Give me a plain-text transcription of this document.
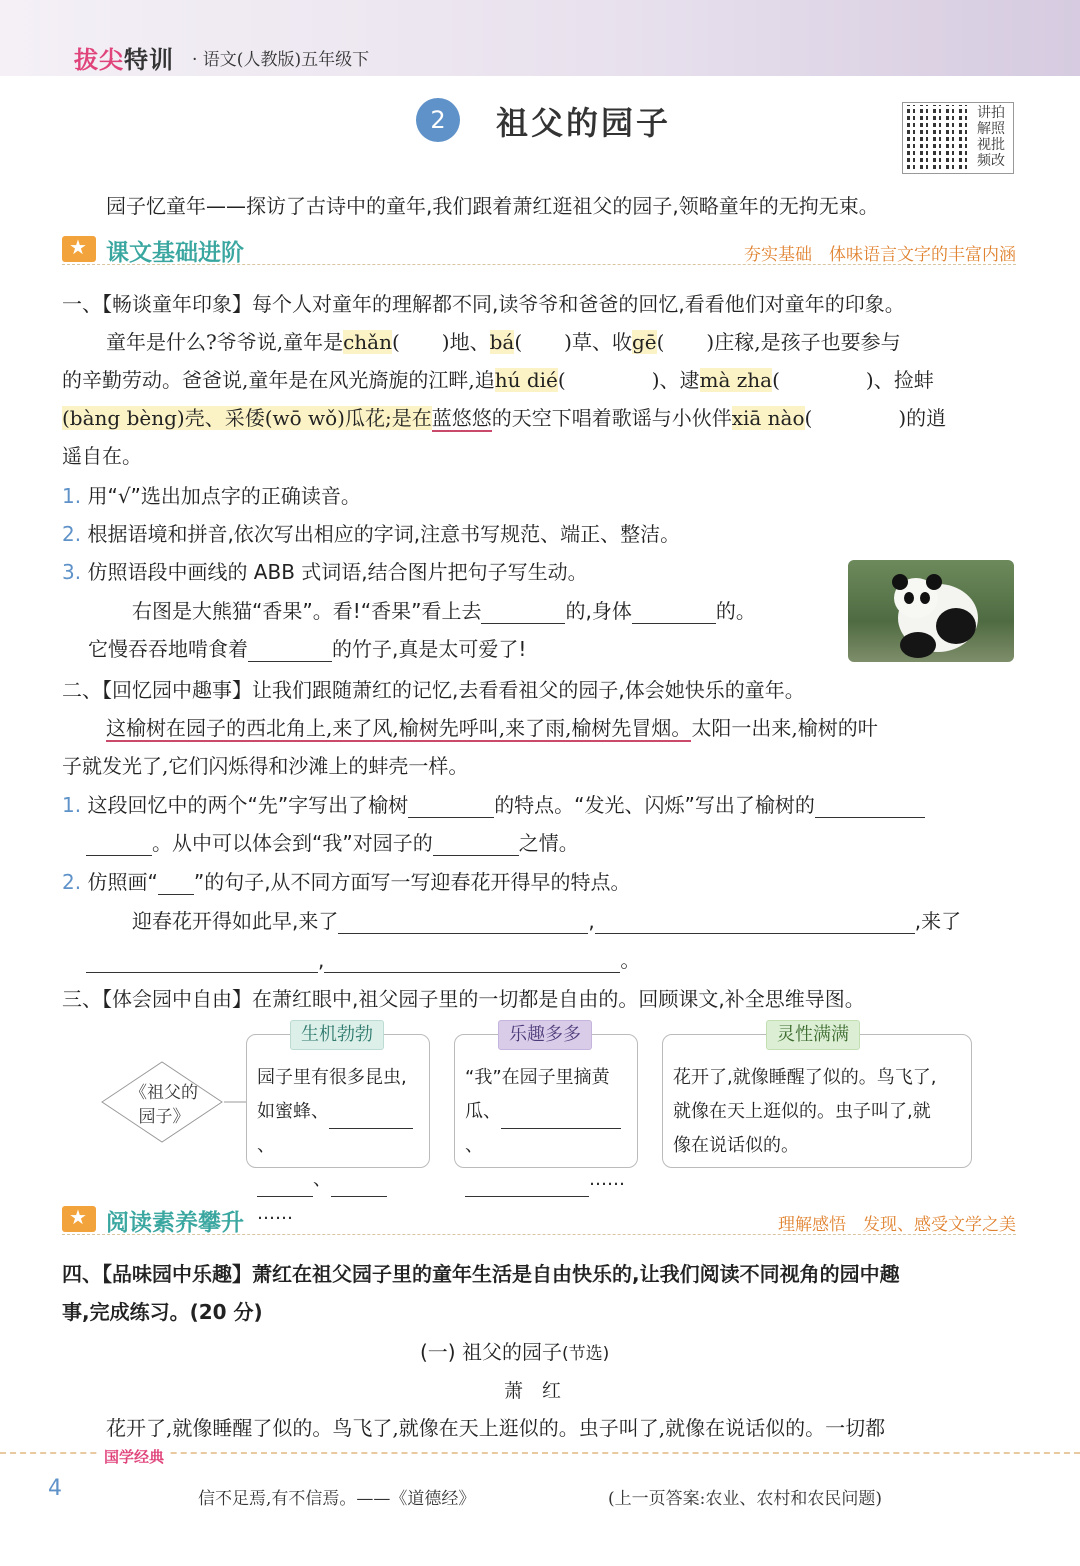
拔尖特训 · 语文(人教版)五年级下
2	祖父的园子	讲拍解照视批频改
园子忆童年——探访了古诗中的童年,我们跟着萧红逛祖父的园子,领略童年的无拘无束。
★
课文基础进阶	夯实基础　 体味语言文字的丰富内涵
一、【畅谈童年印象】每个人对童年的理解都不同,读爷爷和爸爸的回忆,看看他们对童年的印象。
童年是什么?爷爷说,童年是chǎn( )地、bá( )草、收gē( )庄稼,是孩子也要参与
的辛勤劳动。爸爸说,童年是在风光旖旎的江畔,追hú dié(	)、逮mà zha(	)、捡蚌
(bàng bèng)壳、采倭(wō wǒ)瓜花;是在蓝悠悠的天空下唱着歌谣与小伙伴xiā nào(	)的逍
遥自在。
1. 用“√”选出加点字的正确读音。
2. 根据语境和拼音,依次写出相应的字词,注意书写规范、端正、整洁。
3. 仿照语段中画线的 ABB 式词语,结合图片把句子写生动。
右图是大熊猫“香果”。看!“香果”看上去	的,身体	的。
它慢吞吞地啃食着	的竹子,真是太可爱了!
二、【回忆园中趣事】让我们跟随萧红的记忆,去看看祖父的园子,体会她快乐的童年。
这榆树在园子的西北角上,来了风,榆树先呼叫,来了雨,榆树先冒烟。太阳一出来,榆树的叶
子就发光了,它们闪烁得和沙滩上的蚌壳一样。
1. 这段回忆中的两个“先”字写出了榆树	的特点。“发光、闪烁”写出了榆树的
。从中可以体会到“我”对园子的	之情。
2. 仿照画“ ”的句子,从不同方面写一写迎春花开得早的特点。
迎春花开得如此早,来了	,	,来了
,	。
三、【体会园中自由】在萧红眼中,祖父园子里的一切都是自由的。回顾课文,补全思维导图。
《祖父的
园子》
园子里有很多昆虫,
如蜜蜂、、
、……
生机勃勃
“我”在园子里摘黄
瓜、、
……
乐趣多多
花开了,就像睡醒了似的。鸟飞了,
就像在天上逛似的。虫子叫了,就
像在说话似的。
灵性满满
★
阅读素养攀升	理解感悟　 发现、感受文学之美
四、【品味园中乐趣】萧红在祖父园子里的童年生活是自由快乐的,让我们阅读不同视角的园中趣
事,完成练习。(20 分)
(一) 祖父的园子(节选)
萧　红
花开了,就像睡醒了似的。鸟飞了,就像在天上逛似的。虫子叫了,就像在说话似的。一切都
国学经典
4	信不足焉,有不信焉。——《道德经》	(上一页答案:农业、农村和农民问题)
